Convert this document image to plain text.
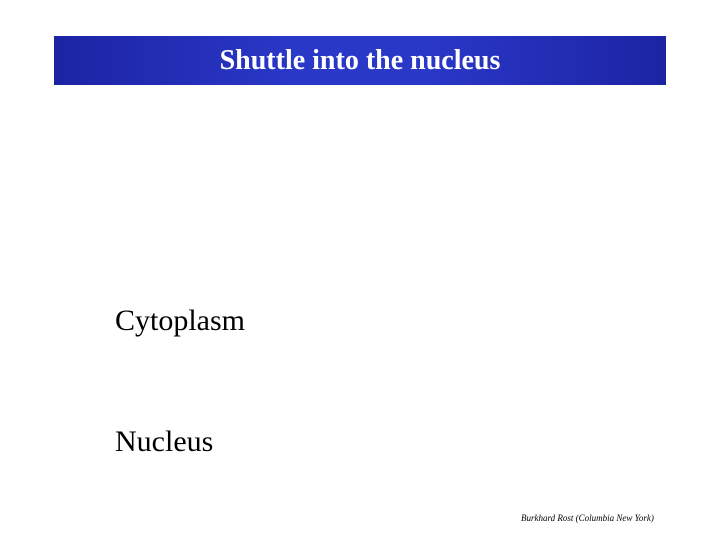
Shuttle into the nucleus
Cytoplasm
Nucleus
Burkhard Rost (Columbia New York)
